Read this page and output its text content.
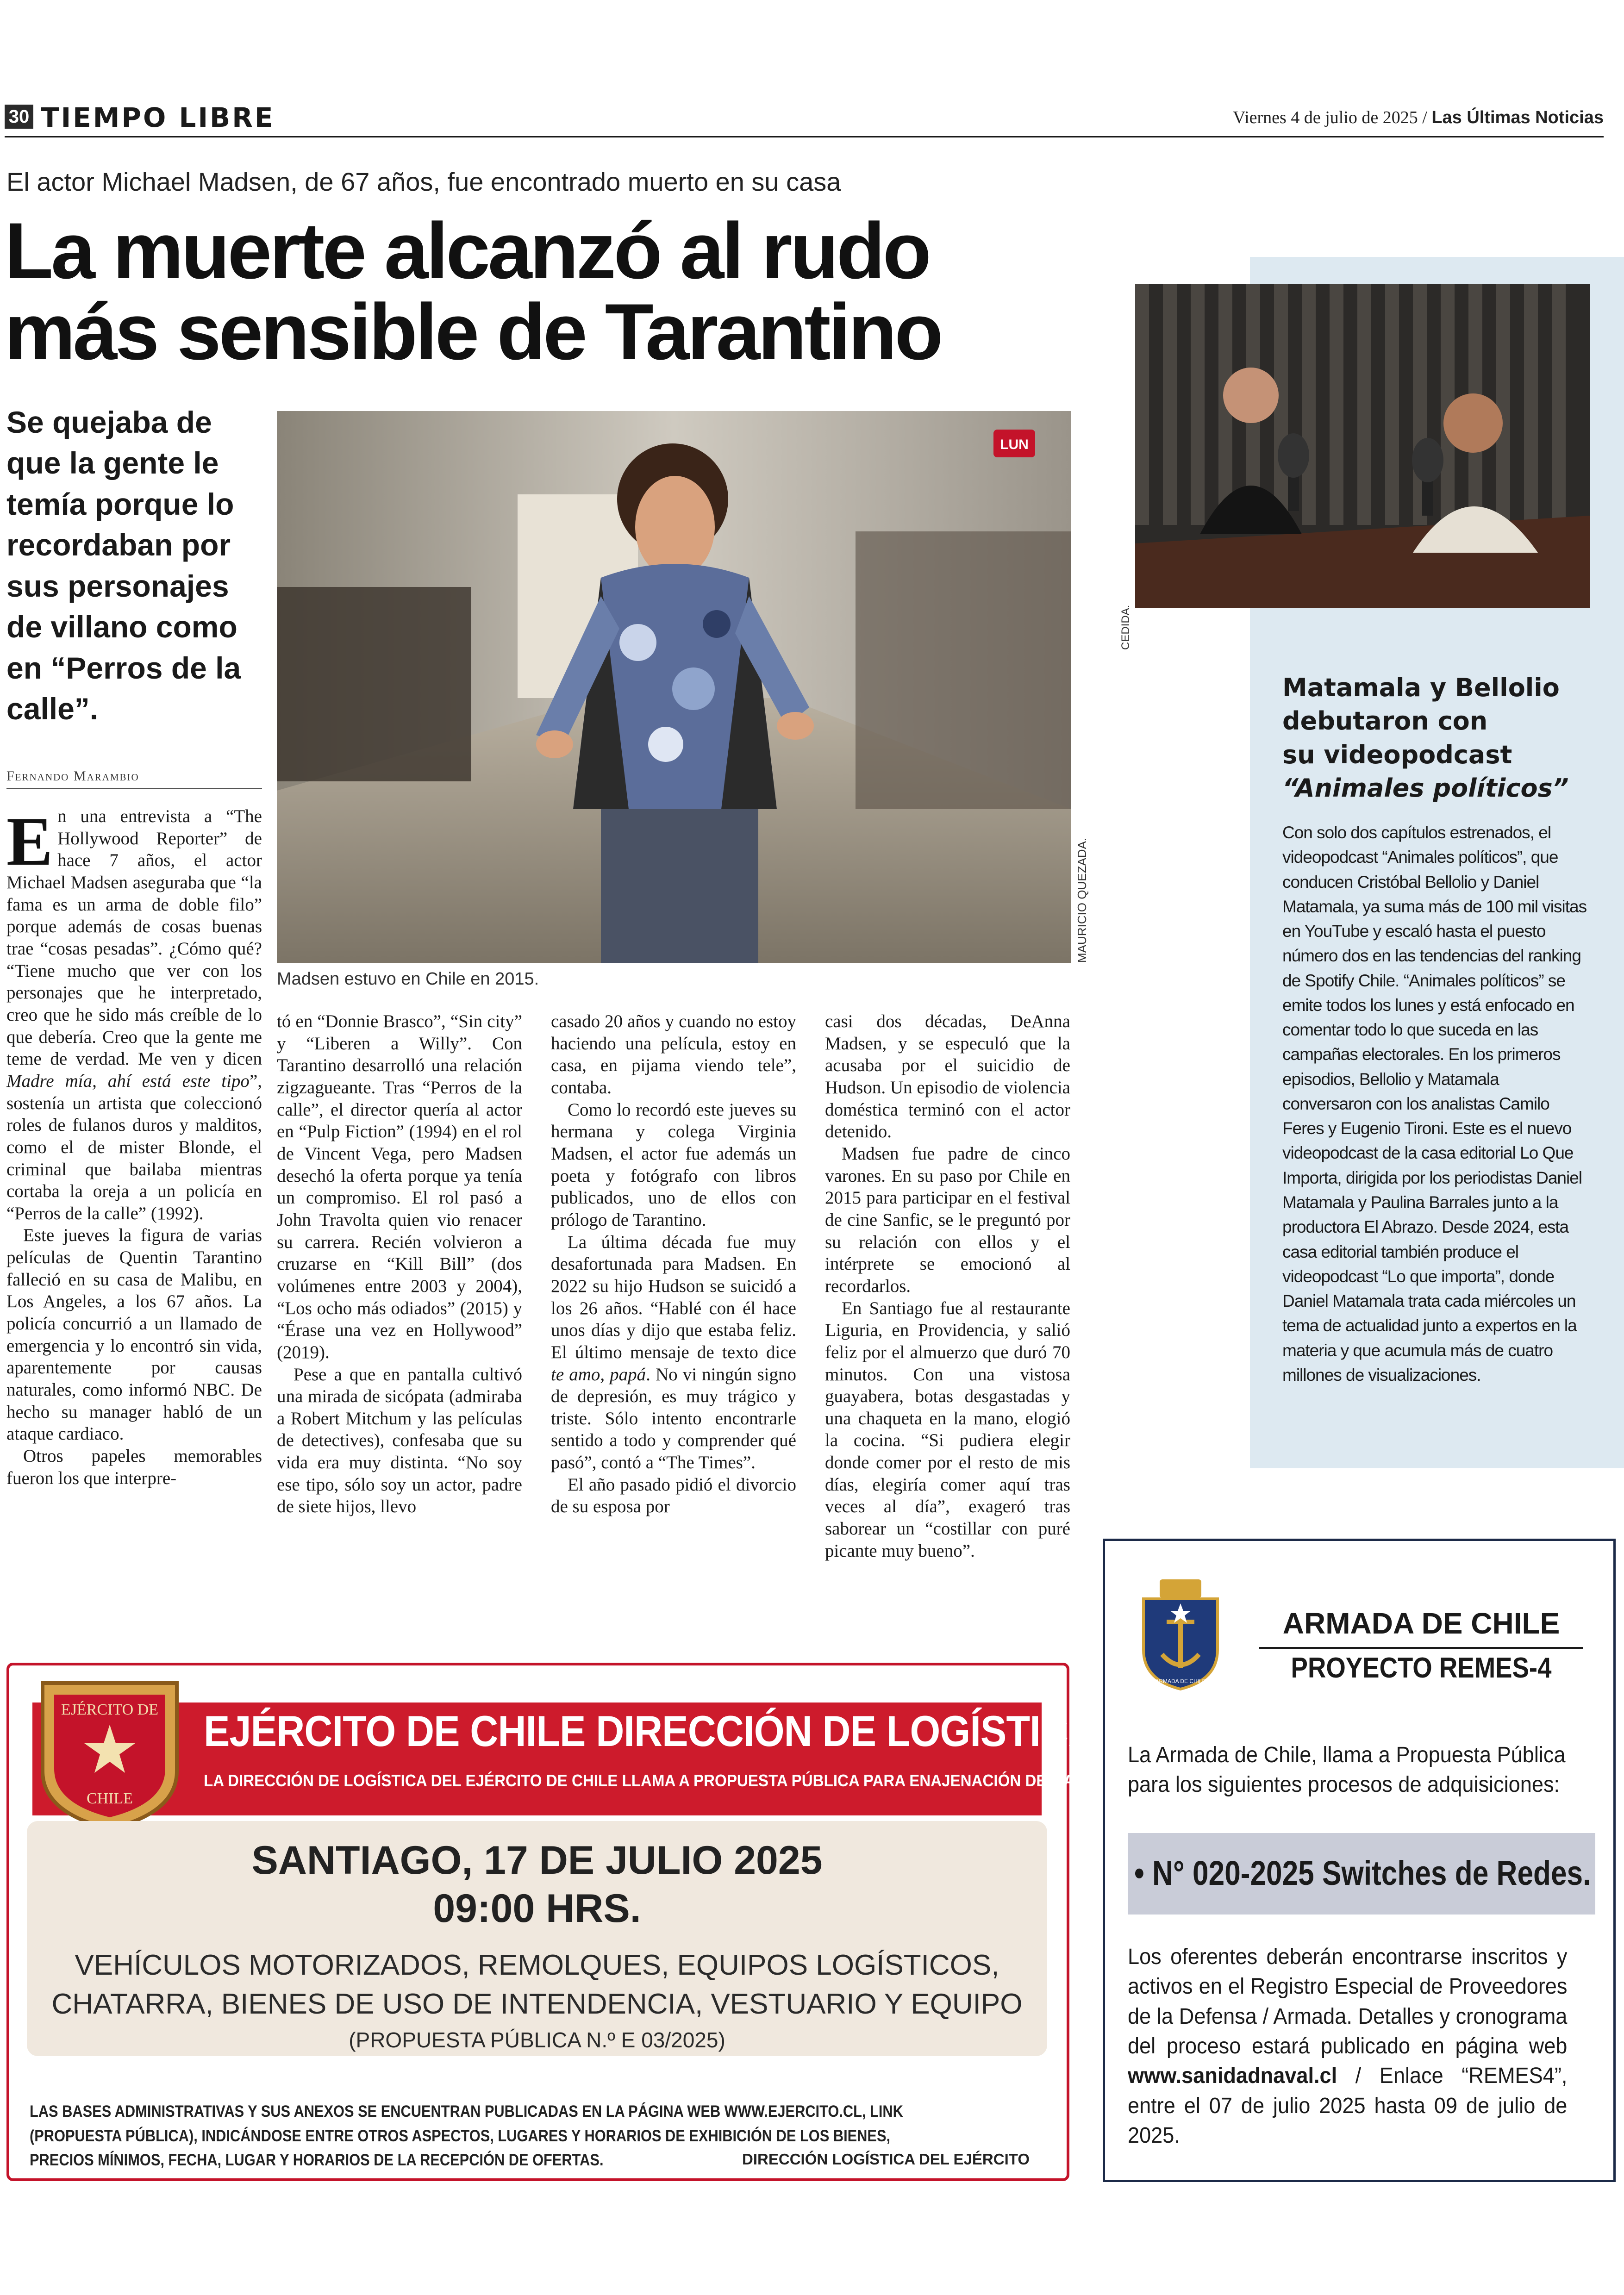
30 TIEMPO LIBRE	Viernes 4 de julio de 2025 / Las Últimas Noticias
El actor Michael Madsen, de 67 años, fue encontrado muerto en su casa
La muerte alcanzó al rudo
más sensible de Tarantino
Se quejaba de que la gente le temía porque lo recordaban por sus personajes de villano como en “Perros de la calle”.
LUN
MAURICIO QUEZADA.
Madsen estuvo en Chile en 2015.
Fernando Marambio

En una entrevista a “The Hollywood Reporter” de hace 7 años, el actor Michael Madsen aseguraba que “la fama es un arma de doble filo” porque además de cosas buenas trae “cosas pesadas”. ¿Cómo qué? “Tiene mucho que ver con los personajes que he interpretado, creo que he sido más creíble de lo que debería. Creo que la gente me teme de verdad. Me ven y dicen Madre mía, ahí está este tipo”, sostenía un artista que coleccionó roles de fulanos duros y malditos, como el de mister Blonde, el criminal que bailaba mientras cortaba la oreja a un policía en “Perros de la calle” (1992).

Este jueves la figura de varias películas de Quentin Tarantino falleció en su casa de Malibu, en Los Angeles, a los 67 años. La policía concurrió a un llamado de emergencia y lo encontró sin vida, aparentemente por causas naturales, como informó NBC. De hecho su manager habló de un ataque cardiaco.

Otros papeles memorables fueron los que interpre-

tó en “Donnie Brasco”, “Sin city” y “Liberen a Willy”. Con Tarantino desarrolló una relación zigzagueante. Tras “Perros de la calle”, el director quería al actor en “Pulp Fiction” (1994) en el rol de Vincent Vega, pero Madsen desechó la oferta porque ya tenía un compromiso. El rol pasó a John Travolta quien vio renacer su carrera. Recién volvieron a cruzarse en “Kill Bill” (dos volúmenes entre 2003 y 2004), “Los ocho más odiados” (2015) y “Érase una vez en Hollywood” (2019).

Pese a que en pantalla cultivó una mirada de sicópata (admiraba a Robert Mitchum y las películas de detectives), confesaba que su vida era muy distinta. “No soy ese tipo, sólo soy un actor, padre de siete hijos, llevo

casado 20 años y cuando no estoy haciendo una película, estoy en casa, en pijama viendo tele”, contaba.

Como lo recordó este jueves su hermana y colega Virginia Madsen, el actor fue además un poeta y fotógrafo con libros publicados, uno de ellos con prólogo de Tarantino.

La última década fue muy desafortunada para Madsen. En 2022 su hijo Hudson se suicidó a los 26 años. “Hablé con él hace unos días y dijo que estaba feliz. El último mensaje de texto dice te amo, papá. No vi ningún signo de depresión, es muy trágico y triste. Sólo intento encontrarle sentido a todo y comprender qué pasó”, contó a “The Times”.

El año pasado pidió el divorcio de su esposa por

casi dos décadas, DeAnna Madsen, y se especuló que la acusaba por el suicidio de Hudson. Un episodio de violencia doméstica terminó con el actor detenido.

Madsen fue padre de cinco varones. En su paso por Chile en 2015 para participar en el festival de cine Sanfic, se le preguntó por su relación con ellos y el intérprete se emocionó al recordarlos.

En Santiago fue al restaurante Liguria, en Providencia, y salió feliz por el almuerzo que duró 70 minutos. Con una vistosa guayabera, botas desgastadas y una chaqueta en la mano, elogió la cocina. “Si pudiera elegir donde comer por el resto de mis días, elegiría comer aquí tras veces al día”, exageró tras saborear un “costillar con puré picante muy bueno”.

CEDIDA.
Matamala y Bellolio
debutaron con
su videopodcast
“Animales políticos”
Con solo dos capítulos estrenados, el videopodcast “Animales políticos”, que conducen Cristóbal Bellolio y Daniel Matamala, ya suma más de 100 mil visitas en YouTube y escaló hasta el puesto número dos en las tendencias del ranking de Spotify Chile. “Animales políticos” se emite todos los lunes y está enfocado en comentar todo lo que suceda en las campañas electorales. En los primeros episodios, Bellolio y Matamala conversaron con los analistas Camilo Feres y Eugenio Tironi. Este es el nuevo videopodcast de la casa editorial Lo Que Importa, dirigida por los periodistas Daniel Matamala y Paulina Barrales junto a la productora El Abrazo. Desde 2024, esta casa editorial también produce el videopodcast “Lo que importa”, donde Daniel Matamala trata cada miércoles un tema de actualidad junto a expertos en la materia y que acumula más de cuatro millones de visualizaciones.
EJÉRCITO DE
CHILE
EJÉRCITO DE CHILE DIRECCIÓN DE LOGÍSTICA
LA DIRECCIÓN DE LOGÍSTICA DEL EJÉRCITO DE CHILE LLAMA A PROPUESTA PÚBLICA PARA ENAJENACIÓN DE MATERIAL:
SANTIAGO, 17 DE JULIO 2025
09:00 HRS.
VEHÍCULOS MOTORIZADOS, REMOLQUES, EQUIPOS LOGÍSTICOS,
CHATARRA, BIENES DE USO DE INTENDENCIA, VESTUARIO Y EQUIPO
(PROPUESTA PÚBLICA N.º E 03/2025)
LAS BASES ADMINISTRATIVAS Y SUS ANEXOS SE ENCUENTRAN PUBLICADAS EN LA PÁGINA WEB WWW.EJERCITO.CL, LINK (PROPUESTA PÚBLICA), INDICÁNDOSE ENTRE OTROS ASPECTOS, LUGARES Y HORARIOS DE EXHIBICIÓN DE LOS BIENES, PRECIOS MÍNIMOS, FECHA, LUGAR Y HORARIOS DE LA RECEPCIÓN DE OFERTAS.	DIRECCIÓN LOGÍSTICA DEL EJÉRCITO
ARMADA DE CHILE
ARMADA DE CHILE
PROYECTO REMES-4
La Armada de Chile, llama a Propuesta Pública para los siguientes procesos de adquisiciones:
• N° 020-2025 Switches de Redes.
Los oferentes deberán encontrarse inscritos y activos en el Registro Especial de Proveedores de la Defensa / Armada. Detalles y cronograma del proceso estará publicado en página web www.sanidadnaval.cl / Enlace “REMES4”, entre el 07 de julio 2025 hasta 09 de julio de 2025.
